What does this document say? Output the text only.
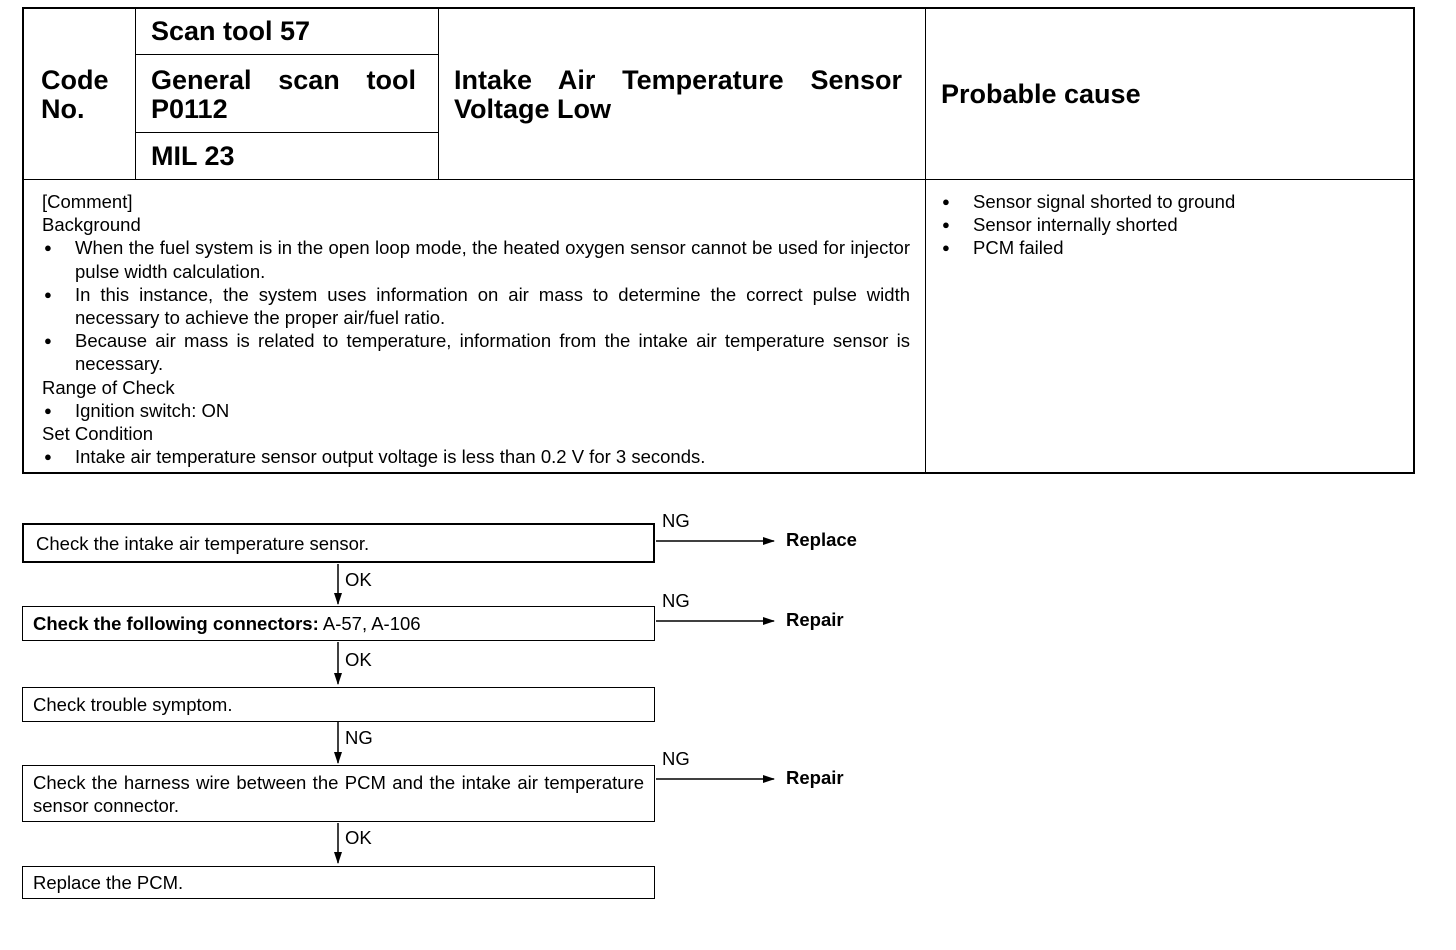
Code No.
Scan tool 57
General scan tool P0112
MIL 23
Intake Air Temperature Sensor Voltage Low	Probable cause
[Comment]
Background
● When the fuel system is in the open loop mode, the heated oxygen sensor cannot be used for injector pulse width calculation.
● In this instance, the system uses information on air mass to determine the correct pulse width necessary to achieve the proper air/fuel ratio.
● Because air mass is related to temperature, information from the intake air temperature sensor is necessary.
Range of Check
● Ignition switch: ON
Set Condition
● Intake air temperature sensor output voltage is less than 0.2 V for 3 seconds.
● Sensor signal shorted to ground
● Sensor internally shorted
● PCM failed
Check the intake air temperature sensor.
Check the following connectors: A-57, A-106
Check trouble symptom.
Check the harness wire between the PCM and the intake air temperature sensor connector.
Replace the PCM.
OK
OK
NG
OK
NG
Replace
NG
Repair
NG
Repair
